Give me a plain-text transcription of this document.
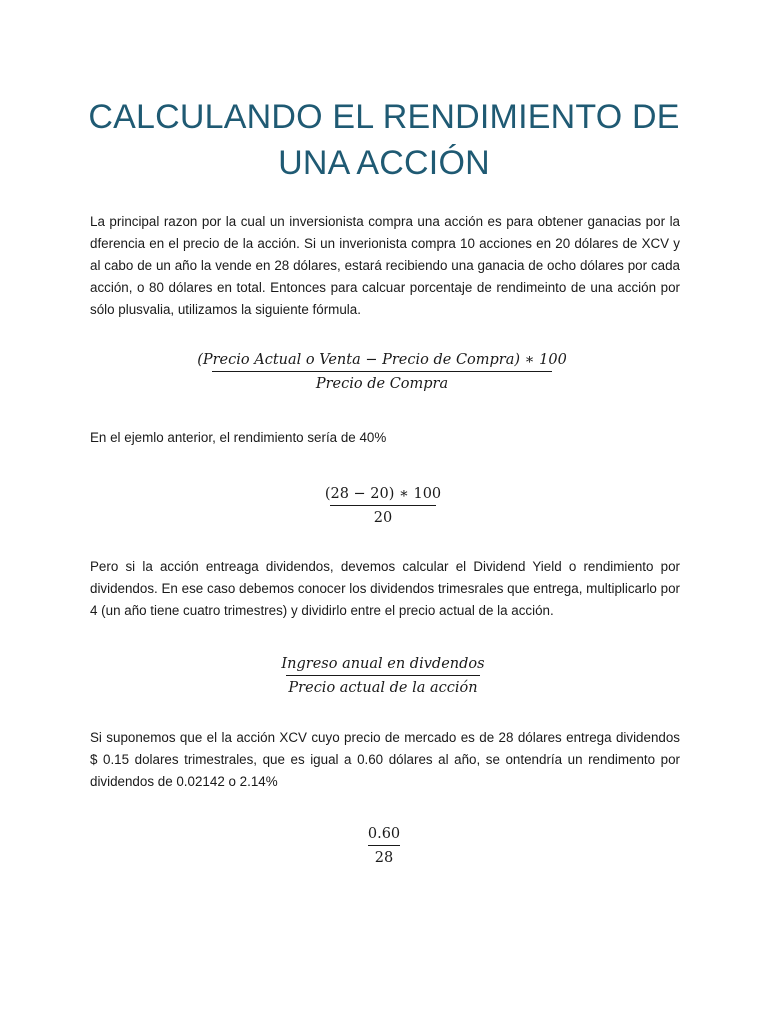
CALCULANDO EL RENDIMIENTO DE
UNA ACCIÓN

La principal razon por la cual un inversionista compra una acción es para obtener ganacias por la dferencia en el precio de la acción. Si un inverionista compra 10 acciones en 20 dólares de XCV y al cabo de un año la vende en 28 dólares, estará recibiendo una ganacia de ocho dólares por cada acción, o 80 dólares en total. Entonces para calcuar porcentaje de rendimeinto de una acción por sólo plusvalia, utilizamos la siguiente fórmula.

(Precio Actual o Venta − Precio de Compra) ∗ 100
Precio de Compra

En el ejemlo anterior, el rendimiento sería de 40%

(28 − 20) ∗ 100
20

Pero si la acción entreaga dividendos, devemos calcular el Dividend Yield o rendimiento por dividendos. En ese caso debemos conocer los dividendos trimesrales que entrega, multiplicarlo por 4 (un año tiene cuatro trimestres) y dividirlo entre el precio actual de la acción.

Ingreso anual en divdendos
Precio actual de la acción

Si suponemos que el la acción XCV cuyo precio de mercado es de 28 dólares entrega dividendos $ 0.15 dolares trimestrales, que es igual a 0.60 dólares al año, se ontendría un rendimento por dividendos de 0.02142 o 2.14%

0.60
28
